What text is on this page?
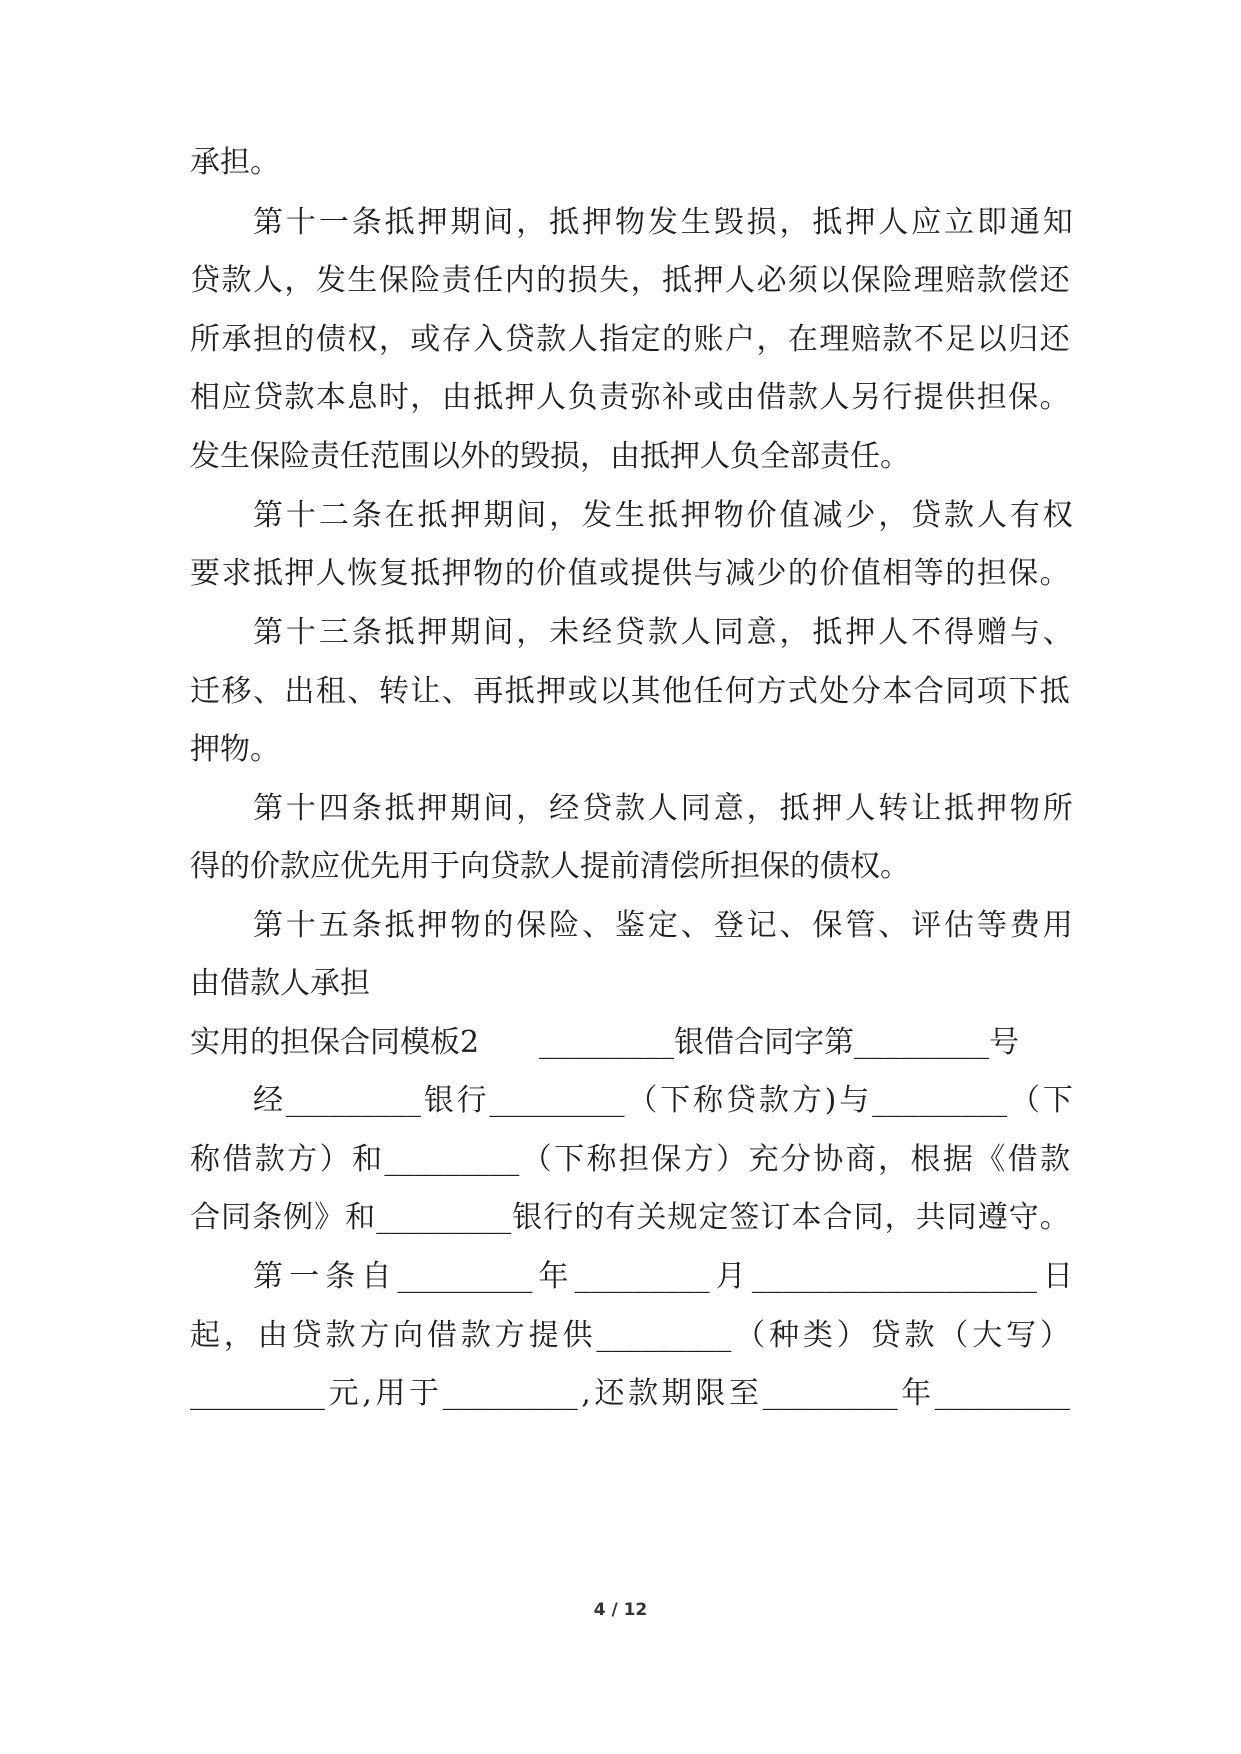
承担。
第 十 一 条 抵 押 期 间 ， 抵 押 物 发 生 毁 损 ， 抵 押 人 应 立 即 通 知
贷 款 人 ， 发 生 保 险 责 任 内 的 损 失 ， 抵 押 人 必 须 以 保 险 理 赔 款 偿 还
所 承 担 的 债 权 ， 或 存 入 贷 款 人 指 定 的 账 户 ， 在 理 赔 款 不 足 以 归 还
相 应 贷 款 本 息 时 ， 由 抵 押 人 负 责 弥 补 或 由 借 款 人 另 行 提 供 担 保 。
发生保险责任范围以外的毁损，由抵押人负全部责任。
第 十 二 条 在 抵 押 期 间 ， 发 生 抵 押 物 价 值 减 少 ， 贷 款 人 有 权
要 求 抵 押 人 恢 复 抵 押 物 的 价 值 或 提 供 与 减 少 的 价 值 相 等 的 担 保 。
第 十 三 条 抵 押 期 间 ， 未 经 贷 款 人 同 意 ， 抵 押 人 不 得 赠 与 、
迁 移 、 出 租 、 转 让 、 再 抵 押 或 以 其 他 任 何 方 式 处 分 本 合 同 项 下 抵
押物。
第 十 四 条 抵 押 期 间 ， 经 贷 款 人 同 意 ， 抵 押 人 转 让 抵 押 物 所
得的价款应优先用于向贷款人提前清偿所担保的债权。
第 十 五 条 抵 押 物 的 保 险 、 鉴 定 、 登 记 、 保 管 、 评 估 等 费 用
由借款人承担
实用的担保合同模板2　　_________银借合同字第_________号
经 _________ 银 行 _________ （ 下 称 贷 款 方 ) 与 _________ （ 下
称 借 款 方 ） 和 _________ （ 下 称 担 保 方 ） 充 分 协 商 ， 根 据 《 借 款
合 同 条 例 》 和 _________ 银 行 的 有 关 规 定 签 订 本 合 同 ， 共 同 遵 守 。
第 一 条 自 _________ 年 _________ 月 ___________________ 日
起 ， 由 贷 款 方 向 借 款 方 提 供 _________ （ 种 类 ） 贷 款 （ 大 写 ）
_________ 元 , 用 于 _________ , 还 款 期 限 至 _________ 年 _________
4 / 12
